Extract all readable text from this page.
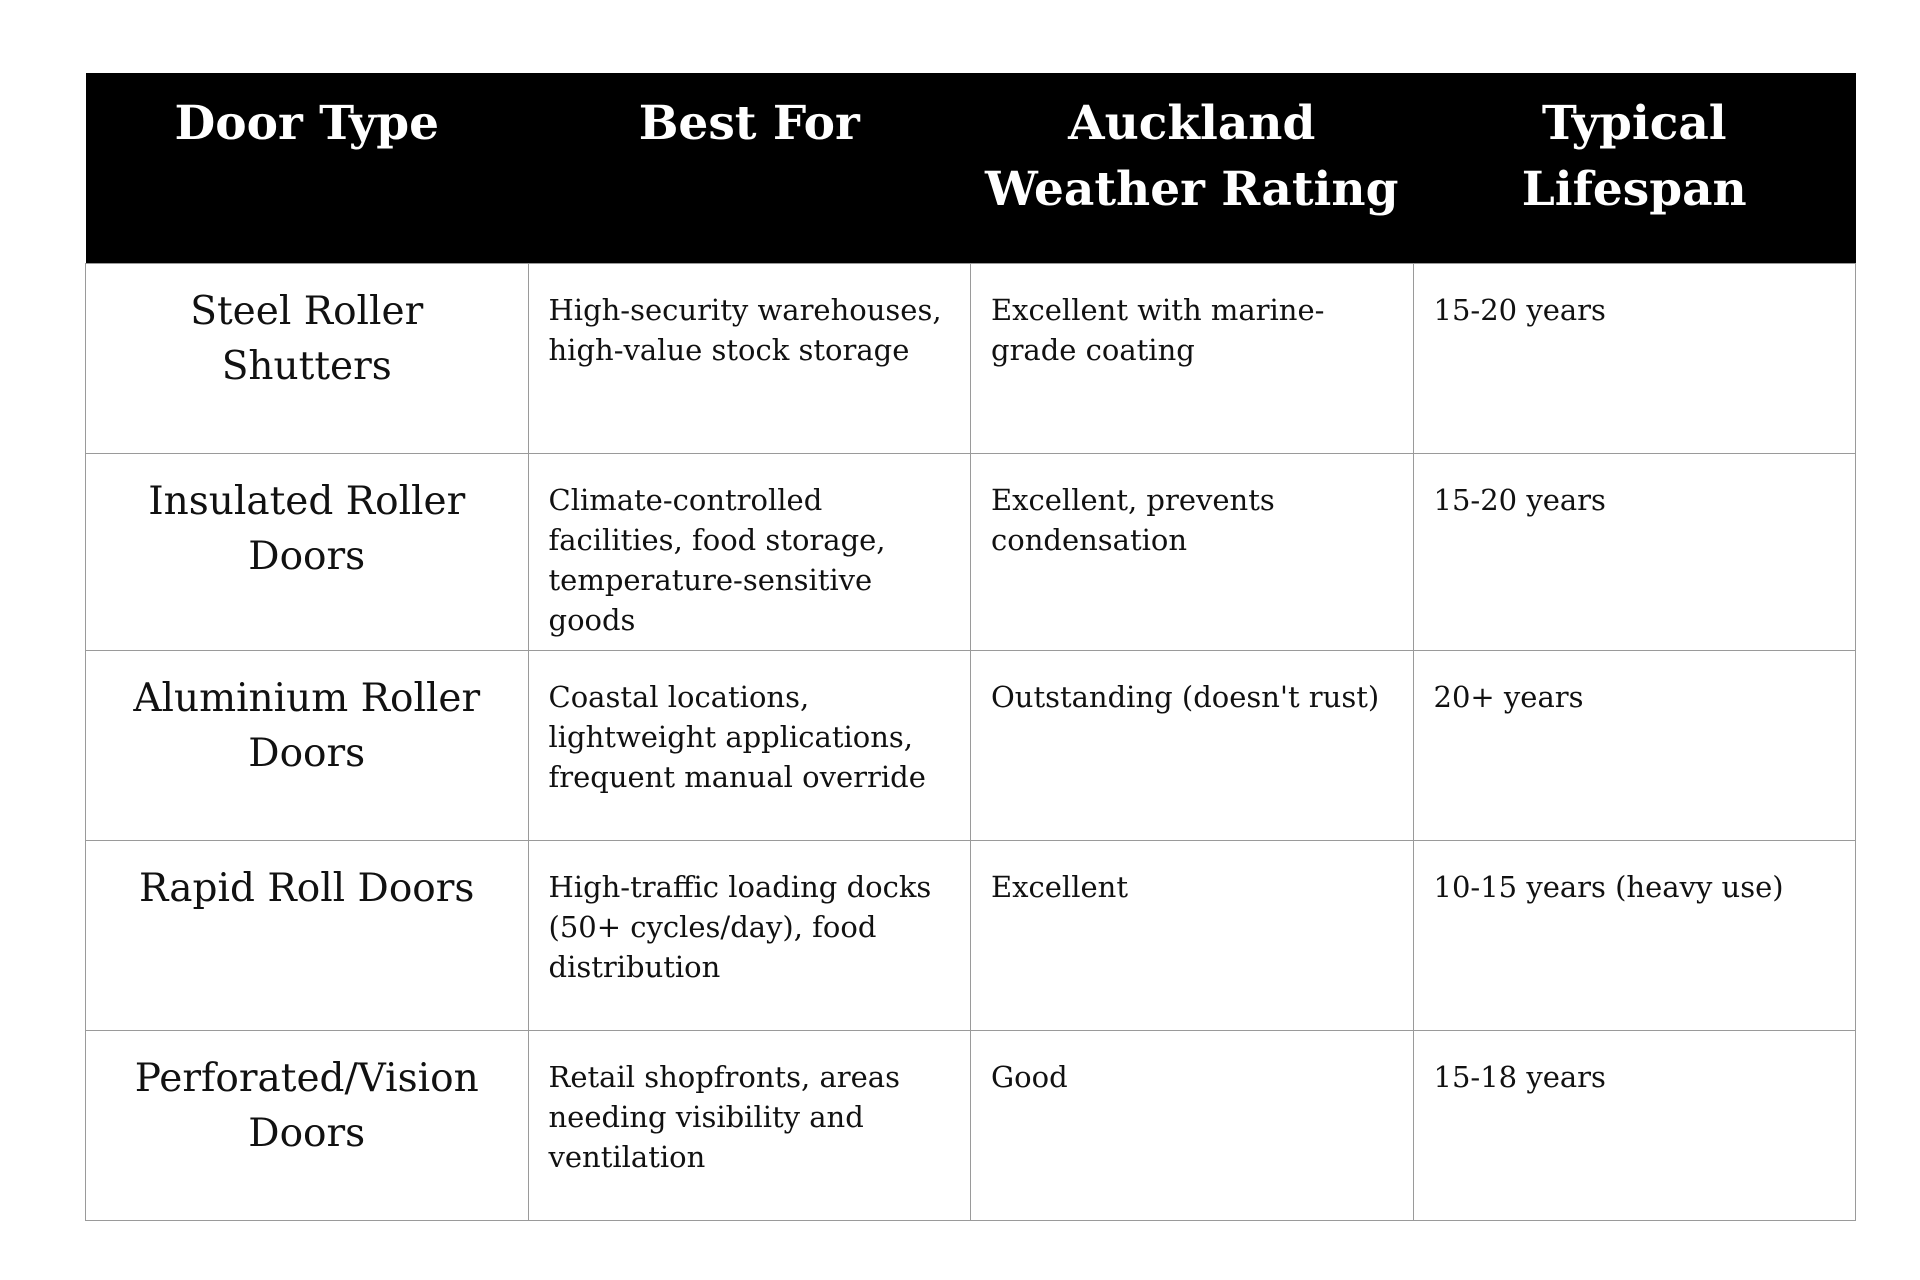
Door Type	Best For	Auckland Weather Rating	Typical Lifespan
Steel Roller Shutters	High-security warehouses, high-value stock storage	Excellent with marine-grade coating	15-20 years
Insulated Roller Doors	Climate-controlled facilities, food storage, temperature-sensitive goods	Excellent, prevents condensation	15-20 years
Aluminium Roller Doors	Coastal locations, lightweight applications, frequent manual override	Outstanding (doesn't rust)	20+ years
Rapid Roll Doors	High-traffic loading docks (50+ cycles/day), food distribution	Excellent	10-15 years (heavy use)
Perforated/Vision Doors	Retail shopfronts, areas needing visibility and ventilation	Good	15-18 years
